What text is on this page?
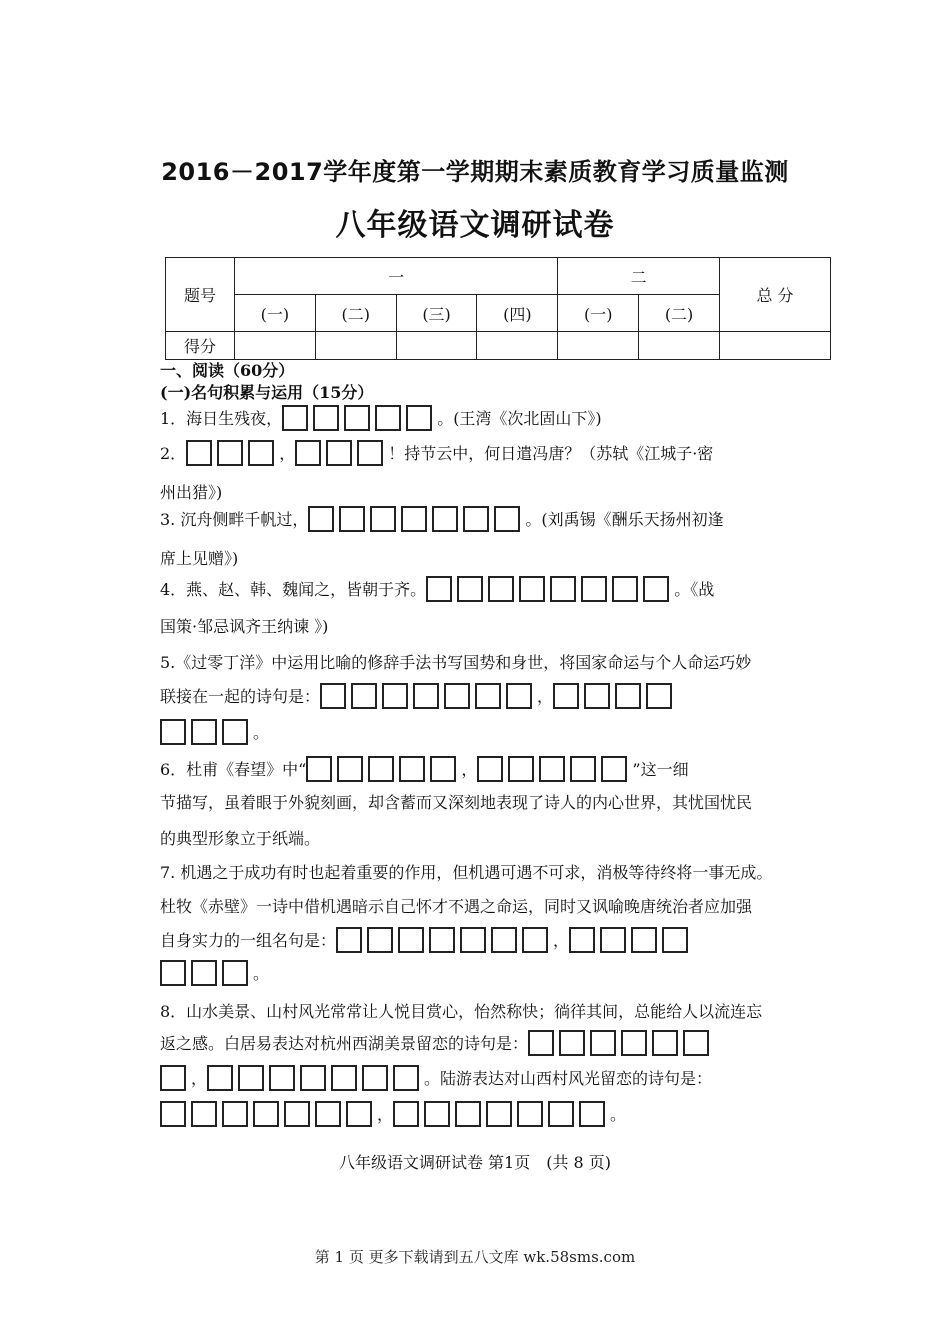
2016－2017学年度第一学期期末素质教育学习质量监测
八年级语文调研试卷
题号	一				二		总 分
	(一)	(二)	(三)	(四)	(一)	(二)	
得分							
一、阅读（60分）
(一)名句积累与运用（15分）
1．海日生残夜，	。(王湾《次北固山下》)
2．	，	！持节云中，何日遣冯唐？（苏轼《江城子·密
州出猎》)
3. 沉舟侧畔千帆过，	。(刘禹锡《酬乐天扬州初逢
席上见赠》)
4．燕、赵、韩、魏闻之，皆朝于齐。	。《战
国策·邹忌讽齐王纳谏 》)
5.《过零丁洋》中运用比喻的修辞手法书写国势和身世，将国家命运与个人命运巧妙
联接在一起的诗句是：	，
。
6．杜甫《春望》中“	，	”这一细
节描写，虽着眼于外貌刻画，却含蓄而又深刻地表现了诗人的内心世界，其忧国忧民
的典型形象立于纸端。
7. 机遇之于成功有时也起着重要的作用，但机遇可遇不可求，消极等待终将一事无成。
杜牧《赤壁》一诗中借机遇暗示自己怀才不遇之命运，同时又讽喻晚唐统治者应加强
自身实力的一组名句是：	，
。
8．山水美景、山村风光常常让人悦目赏心，怡然称快；徜徉其间，总能给人以流连忘
返之感。白居易表达对杭州西湖美景留恋的诗句是：
，	。陆游表达对山西村风光留恋的诗句是：
，	。
八年级语文调研试卷 第1页　(共 8 页)
第 1 页 更多下载请到五八文库 wk.58sms.com
